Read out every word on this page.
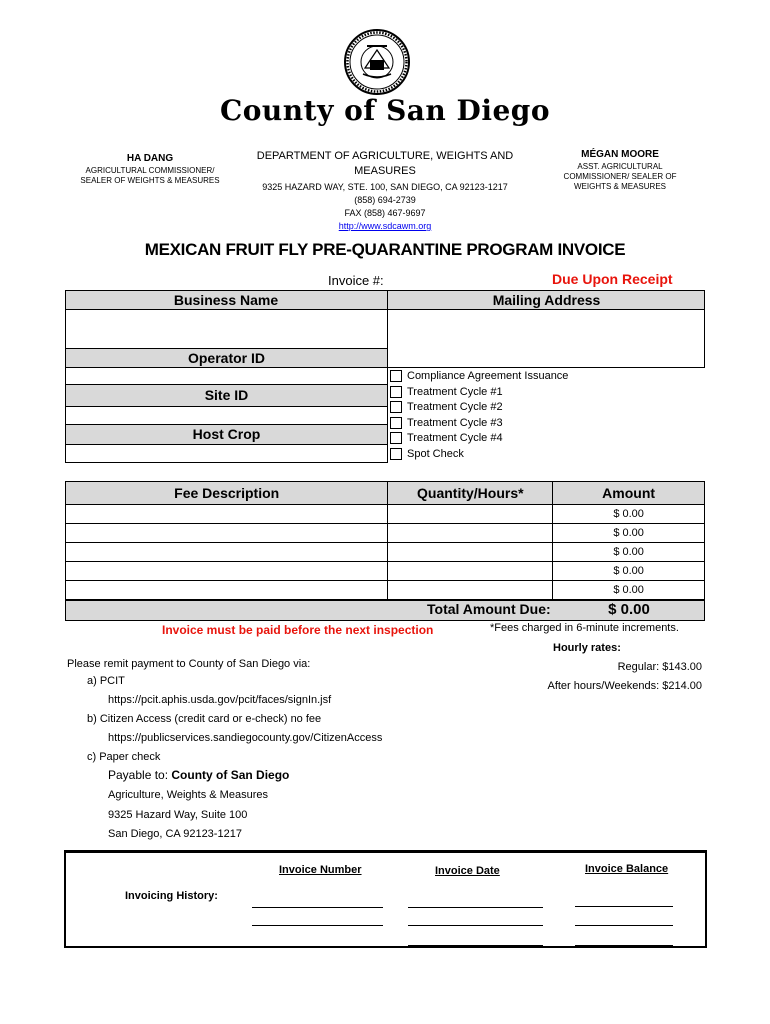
County of San Diego
HA DANG
AGRICULTURAL COMMISSIONER/
SEALER OF WEIGHTS & MEASURES
DEPARTMENT OF AGRICULTURE, WEIGHTS AND
MEASURES
9325 HAZARD WAY, STE. 100, SAN DIEGO, CA 92123-1217
(858) 694-2739
FAX (858) 467-9697
http://www.sdcawm.org
MÉGAN MOORE
ASST. AGRICULTURAL
COMMISSIONER/ SEALER OF
WEIGHTS & MEASURES
MEXICAN FRUIT FLY PRE-QUARANTINE PROGRAM INVOICE
Invoice #:	Due Upon Receipt
Business Name	Mailing Address
Operator ID
Site ID
Host Crop
Compliance Agreement Issuance
Treatment Cycle #1
Treatment Cycle #2
Treatment Cycle #3
Treatment Cycle #4
Spot Check
Fee Description	Quantity/Hours*	Amount
		$ 0.00
		$ 0.00
		$ 0.00
		$ 0.00
		$ 0.00
Total Amount Due:	$ 0.00
Invoice must be paid before the next inspection	*Fees charged in 6-minute increments.
Hourly rates:
Regular: $143.00
After hours/Weekends: $214.00
Please remit payment to County of San Diego via:
a) PCIT
https://pcit.aphis.usda.gov/pcit/faces/signIn.jsf
b) Citizen Access (credit card or e-check) no fee
https://publicservices.sandiegocounty.gov/CitizenAccess
c) Paper check
Payable to: County of San Diego
Agriculture, Weights & Measures
9325 Hazard Way, Suite 100
San Diego, CA 92123-1217
Invoice Number	Invoice Date	Invoice Balance
Invoicing History:
